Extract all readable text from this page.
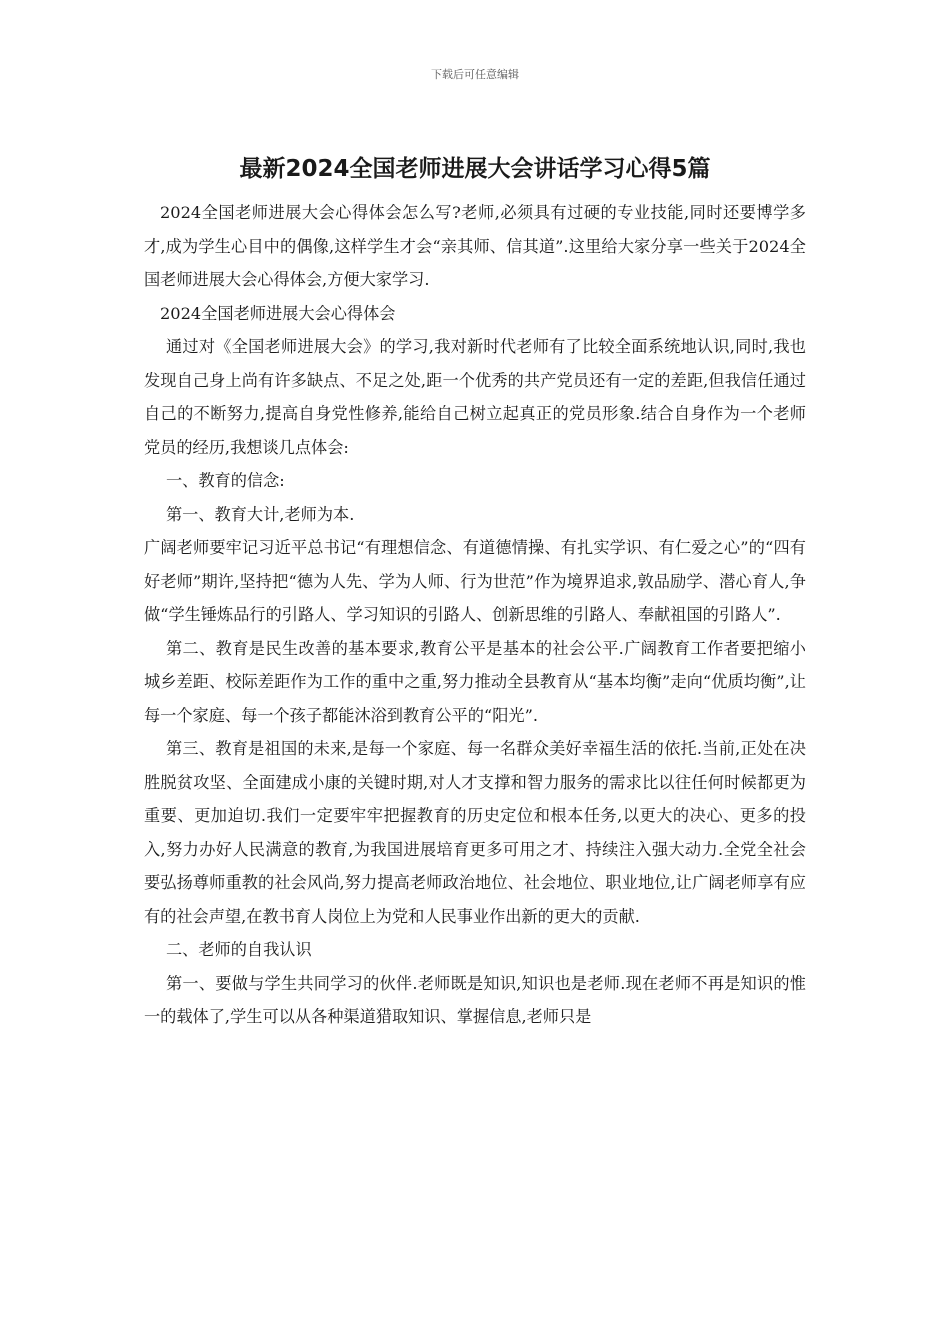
下载后可任意编辑
最新2024全国老师进展大会讲话学习心得5篇

2024全国老师进展大会心得体会怎么写?老师,必须具有过硬的专业技能,同时还要博学多才,成为学生心目中的偶像,这样学生才会“亲其师、信其道”.这里给大家分享一些关于2024全国老师进展大会心得体会,方便大家学习.

2024全国老师进展大会心得体会

通过对《全国老师进展大会》的学习,我对新时代老师有了比较全面系统地认识,同时,我也发现自己身上尚有许多缺点、不足之处,距一个优秀的共产党员还有一定的差距,但我信任通过自己的不断努力,提高自身党性修养,能给自己树立起真正的党员形象.结合自身作为一个老师党员的经历,我想谈几点体会:

一、教育的信念:

第一、教育大计,老师为本.

广阔老师要牢记习近平总书记“有理想信念、有道德情操、有扎实学识、有仁爱之心”的“四有好老师”期许,坚持把“德为人先、学为人师、行为世范”作为境界追求,敦品励学、潜心育人,争做“学生锤炼品行的引路人、学习知识的引路人、创新思维的引路人、奉献祖国的引路人”.

第二、教育是民生改善的基本要求,教育公平是基本的社会公平.广阔教育工作者要把缩小城乡差距、校际差距作为工作的重中之重,努力推动全县教育从“基本均衡”走向“优质均衡”,让每一个家庭、每一个孩子都能沐浴到教育公平的“阳光”.

第三、教育是祖国的未来,是每一个家庭、每一名群众美好幸福生活的依托.当前,正处在决胜脱贫攻坚、全面建成小康的关键时期,对人才支撑和智力服务的需求比以往任何时候都更为重要、更加迫切.我们一定要牢牢把握教育的历史定位和根本任务,以更大的决心、更多的投入,努力办好人民满意的教育,为我国进展培育更多可用之才、持续注入强大动力.全党全社会要弘扬尊师重教的社会风尚,努力提高老师政治地位、社会地位、职业地位,让广阔老师享有应有的社会声望,在教书育人岗位上为党和人民事业作出新的更大的贡献.

二、老师的自我认识

第一、要做与学生共同学习的伙伴.老师既是知识,知识也是老师.现在老师不再是知识的惟一的载体了,学生可以从各种渠道猎取知识、掌握信息,老师只是
